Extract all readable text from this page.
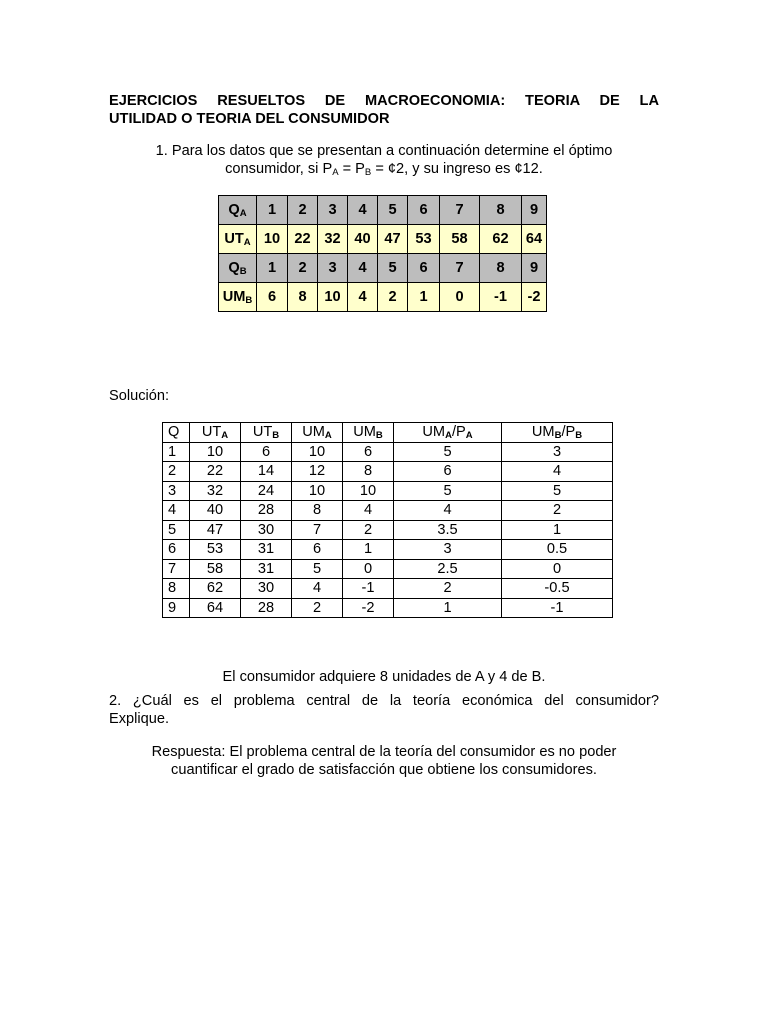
EJERCICIOS RESUELTOS DE MACROECONOMIA: TEORIA DE LA
UTILIDAD O TEORIA DEL CONSUMIDOR
1. Para los datos que se presentan a continuación determine el óptimo
consumidor, si $P_A = P_B$ = ¢2, y su ingreso es ¢12.
$Q_A$	1	2	3	4	5	6	7	8	9
$UT_A$	10	22	32	40	47	53	58	62	64
$Q_B$	1	2	3	4	5	6	7	8	9
$UM_B$	6	8	10	4	2	1	0	-1	-2
Solución:
Q	$UT_A$	$UT_B$	$UM_A$	$UM_B$	$UM_A/P_A$	$UM_B/P_B$
1	10	6	10	6	5	3
2	22	14	12	8	6	4
3	32	24	10	10	5	5
4	40	28	8	4	4	2
5	47	30	7	2	3.5	1
6	53	31	6	1	3	0.5
7	58	31	5	0	2.5	0
8	62	30	4	-1	2	-0.5
9	64	28	2	-2	1	-1
El consumidor adquiere 8 unidades de A y 4 de B.
2. ¿Cuál es el problema central de la teoría económica del consumidor?
Explique.
Respuesta: El problema central de la teoría del consumidor es no poder
cuantificar el grado de satisfacción que obtiene los consumidores.
